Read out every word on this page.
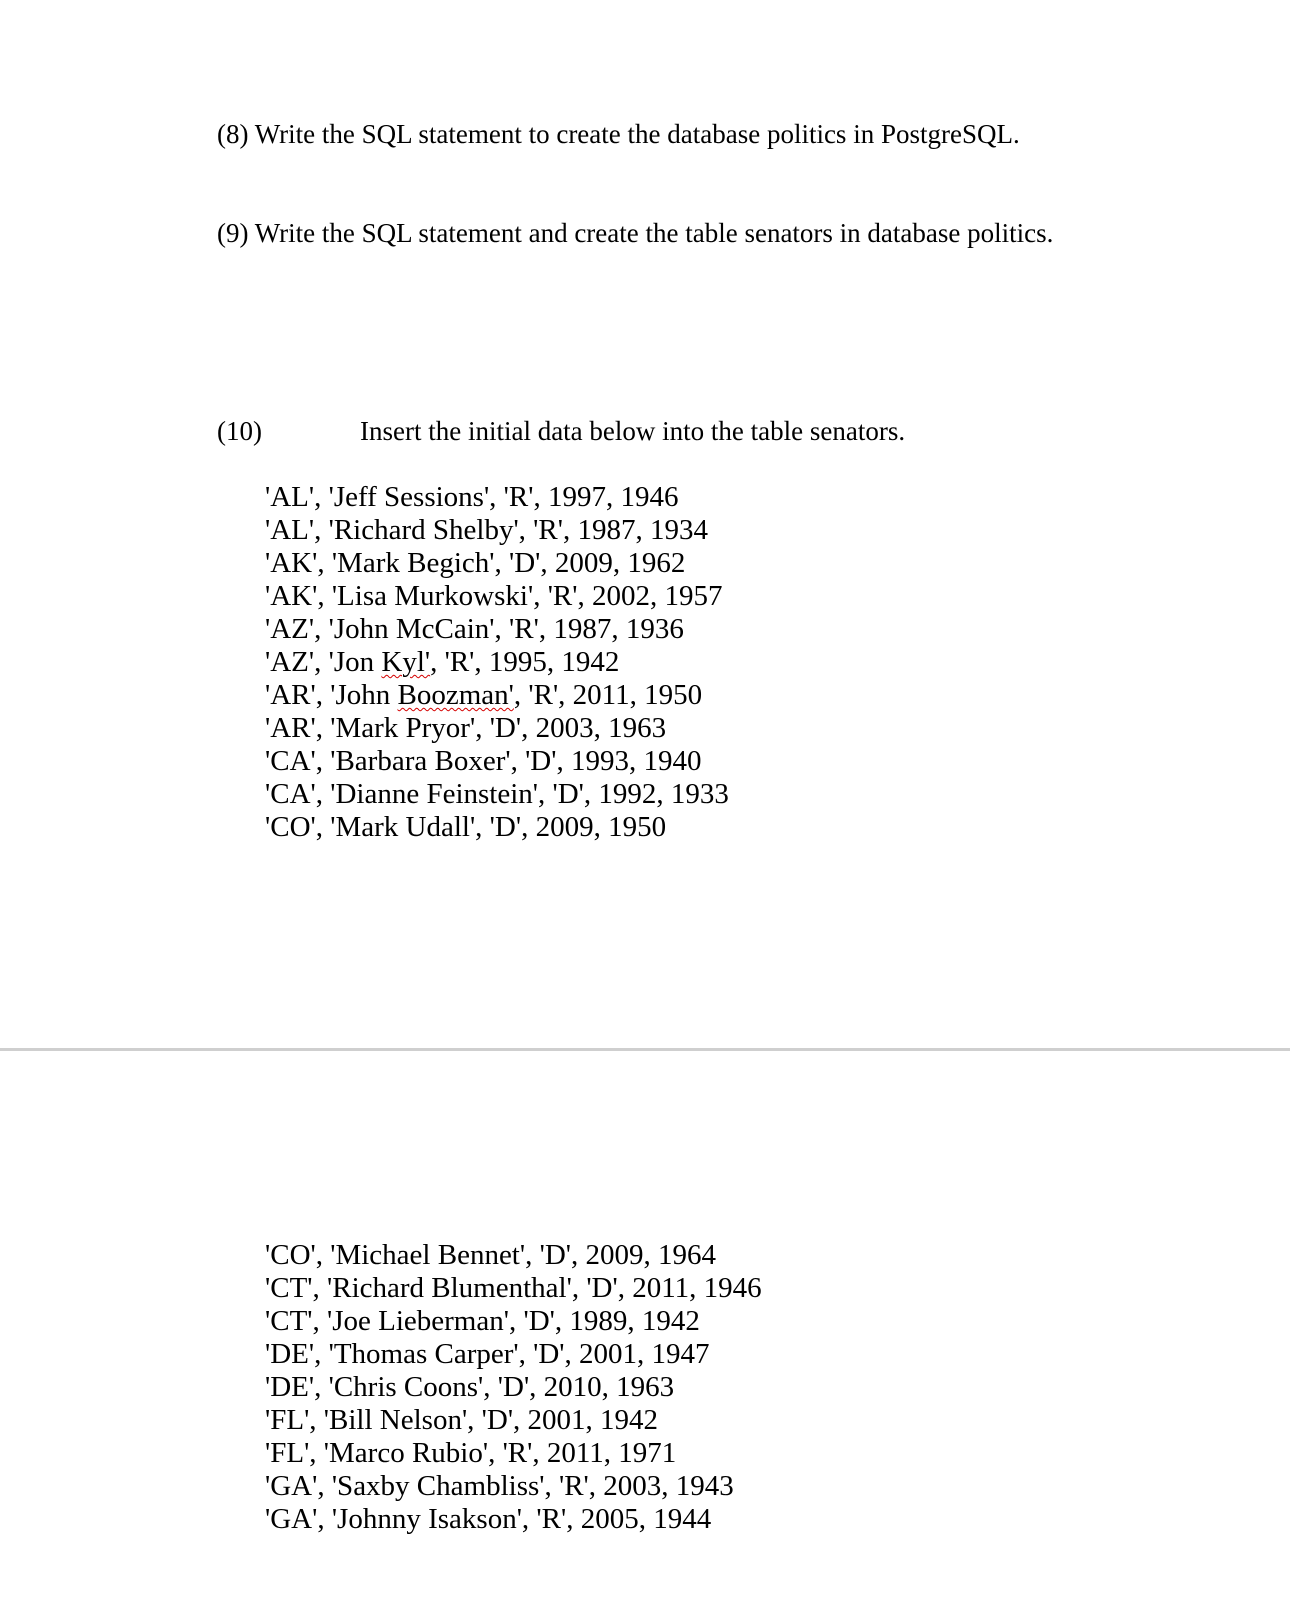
(8) Write the SQL statement to create the database politics in PostgreSQL.
(9) Write the SQL statement and create the table senators in database politics.
(10)	Insert the initial data below into the table senators.
'AL', 'Jeff Sessions', 'R', 1997, 1946
'AL', 'Richard Shelby', 'R', 1987, 1934
'AK', 'Mark Begich', 'D', 2009, 1962
'AK', 'Lisa Murkowski', 'R', 2002, 1957
'AZ', 'John McCain', 'R', 1987, 1936
'AZ', 'Jon Kyl', 'R', 1995, 1942
'AR', 'John Boozman', 'R', 2011, 1950
'AR', 'Mark Pryor', 'D', 2003, 1963
'CA', 'Barbara Boxer', 'D', 1993, 1940
'CA', 'Dianne Feinstein', 'D', 1992, 1933
'CO', 'Mark Udall', 'D', 2009, 1950
'CO', 'Michael Bennet', 'D', 2009, 1964
'CT', 'Richard Blumenthal', 'D', 2011, 1946
'CT', 'Joe Lieberman', 'D', 1989, 1942
'DE', 'Thomas Carper', 'D', 2001, 1947
'DE', 'Chris Coons', 'D', 2010, 1963
'FL', 'Bill Nelson', 'D', 2001, 1942
'FL', 'Marco Rubio', 'R', 2011, 1971
'GA', 'Saxby Chambliss', 'R', 2003, 1943
'GA', 'Johnny Isakson', 'R', 2005, 1944
